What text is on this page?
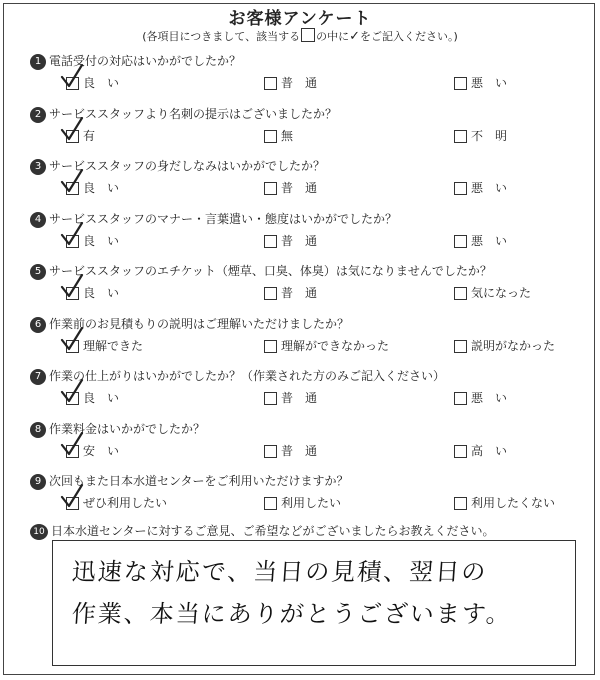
お客様アンケート
(各項目につきまして、該当する の中に✓をご記入ください。)
1 電話受付の対応はいかがでしたか？
良　い	普　通	悪　い
2 サービススタッフより名刺の提示はございましたか？
有	無	不　明
3 サービススタッフの身だしなみはいかがでしたか？
良　い	普　通	悪　い
4 サービススタッフのマナー・言葉遣い・態度はいかがでしたか？
良　い	普　通	悪　い
5 サービススタッフのエチケット（煙草、口臭、体臭）は気になりませんでしたか？
良　い	普　通	気になった
6 作業前のお見積もりの説明はご理解いただけましたか？
理解できた	理解ができなかった	説明がなかった
7 作業の仕上がりはいかがでしたか？（作業された方のみご記入ください）
良　い	普　通	悪　い
8 作業料金はいかがでしたか？
安　い	普　通	高　い
9 次回もまた日本水道センターをご利用いただけますか？
ぜひ利用したい	利用したい	利用したくない
10 日本水道センターに対するご意見、ご希望などがございましたらお教えください。
迅速な対応で、当日の見積、翌日の
作業、本当にありがとうございます。
